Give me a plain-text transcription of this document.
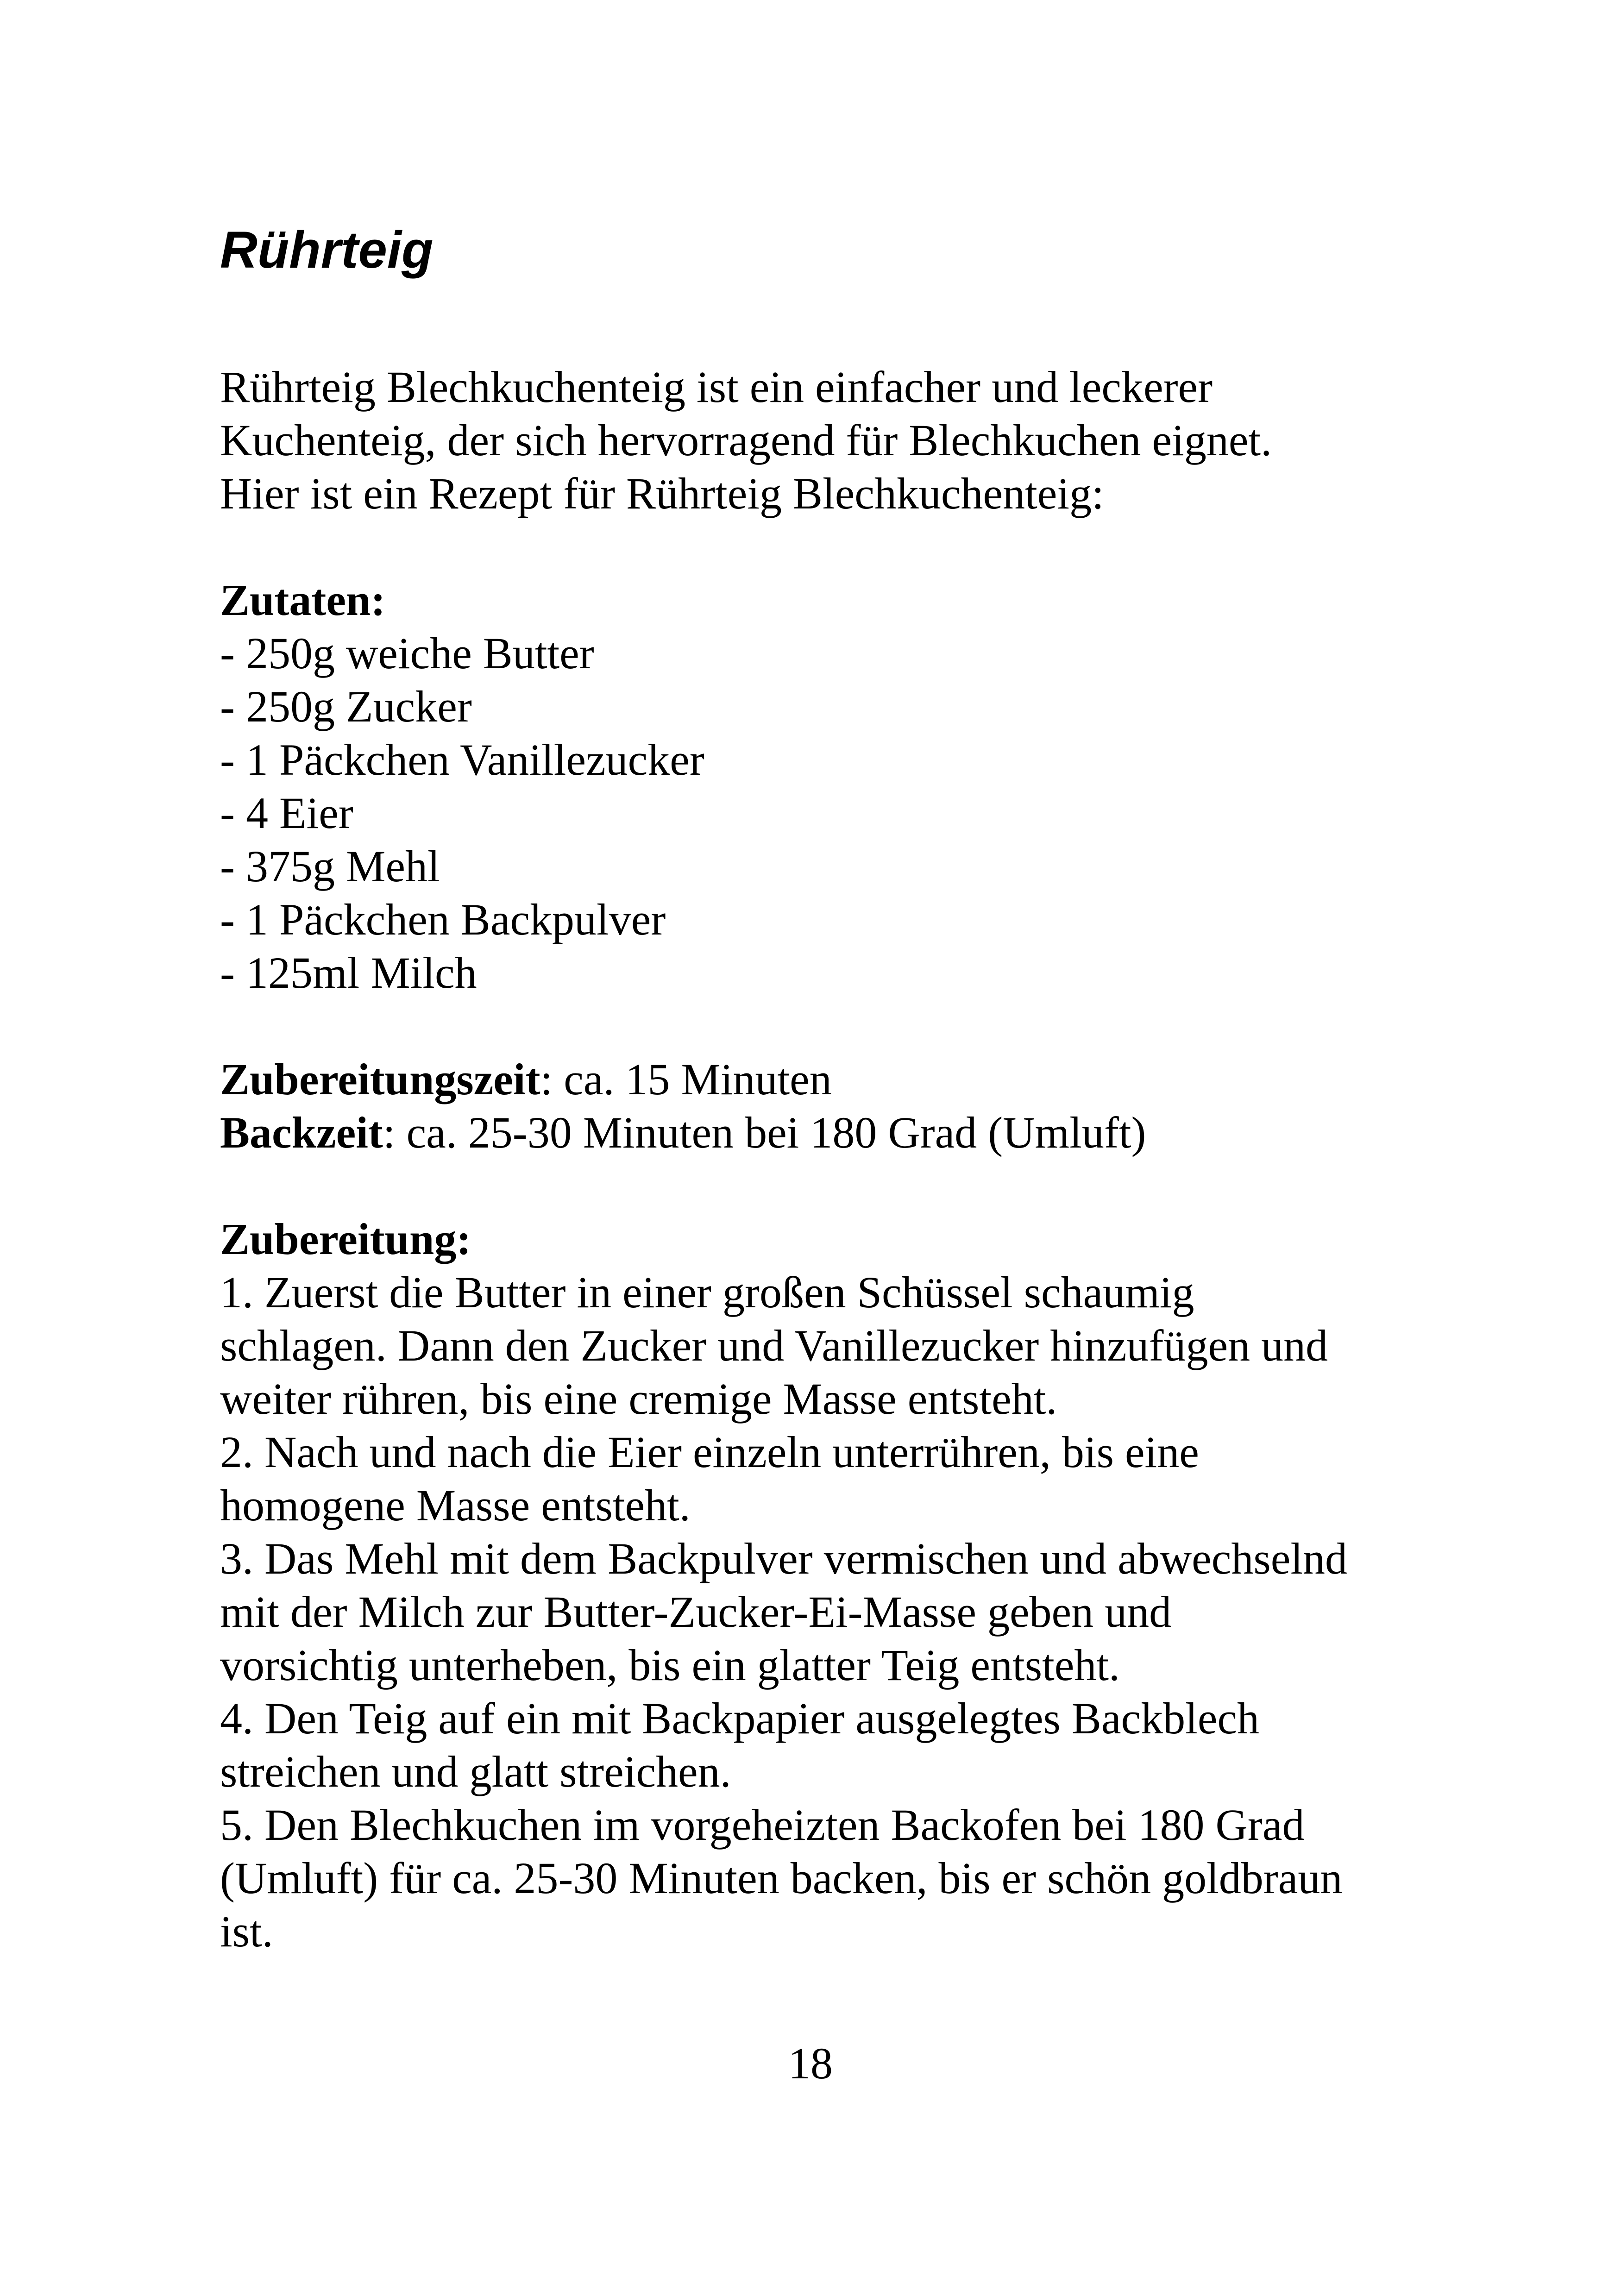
Rührteig
Rührteig Blechkuchenteig ist ein einfacher und leckerer
Kuchenteig, der sich hervorragend für Blechkuchen eignet.
Hier ist ein Rezept für Rührteig Blechkuchenteig:
Zutaten:
- 250g weiche Butter
- 250g Zucker
- 1 Päckchen Vanillezucker
- 4 Eier
- 375g Mehl
- 1 Päckchen Backpulver
- 125ml Milch
Zubereitungszeit: ca. 15 Minuten
Backzeit: ca. 25-30 Minuten bei 180 Grad (Umluft)
Zubereitung:
1. Zuerst die Butter in einer großen Schüssel schaumig
schlagen. Dann den Zucker und Vanillezucker hinzufügen und
weiter rühren, bis eine cremige Masse entsteht.
2. Nach und nach die Eier einzeln unterrühren, bis eine
homogene Masse entsteht.
3. Das Mehl mit dem Backpulver vermischen und abwechselnd
mit der Milch zur Butter-Zucker-Ei-Masse geben und
vorsichtig unterheben, bis ein glatter Teig entsteht.
4. Den Teig auf ein mit Backpapier ausgelegtes Backblech
streichen und glatt streichen.
5. Den Blechkuchen im vorgeheizten Backofen bei 180 Grad
(Umluft) für ca. 25-30 Minuten backen, bis er schön goldbraun
ist.
18
